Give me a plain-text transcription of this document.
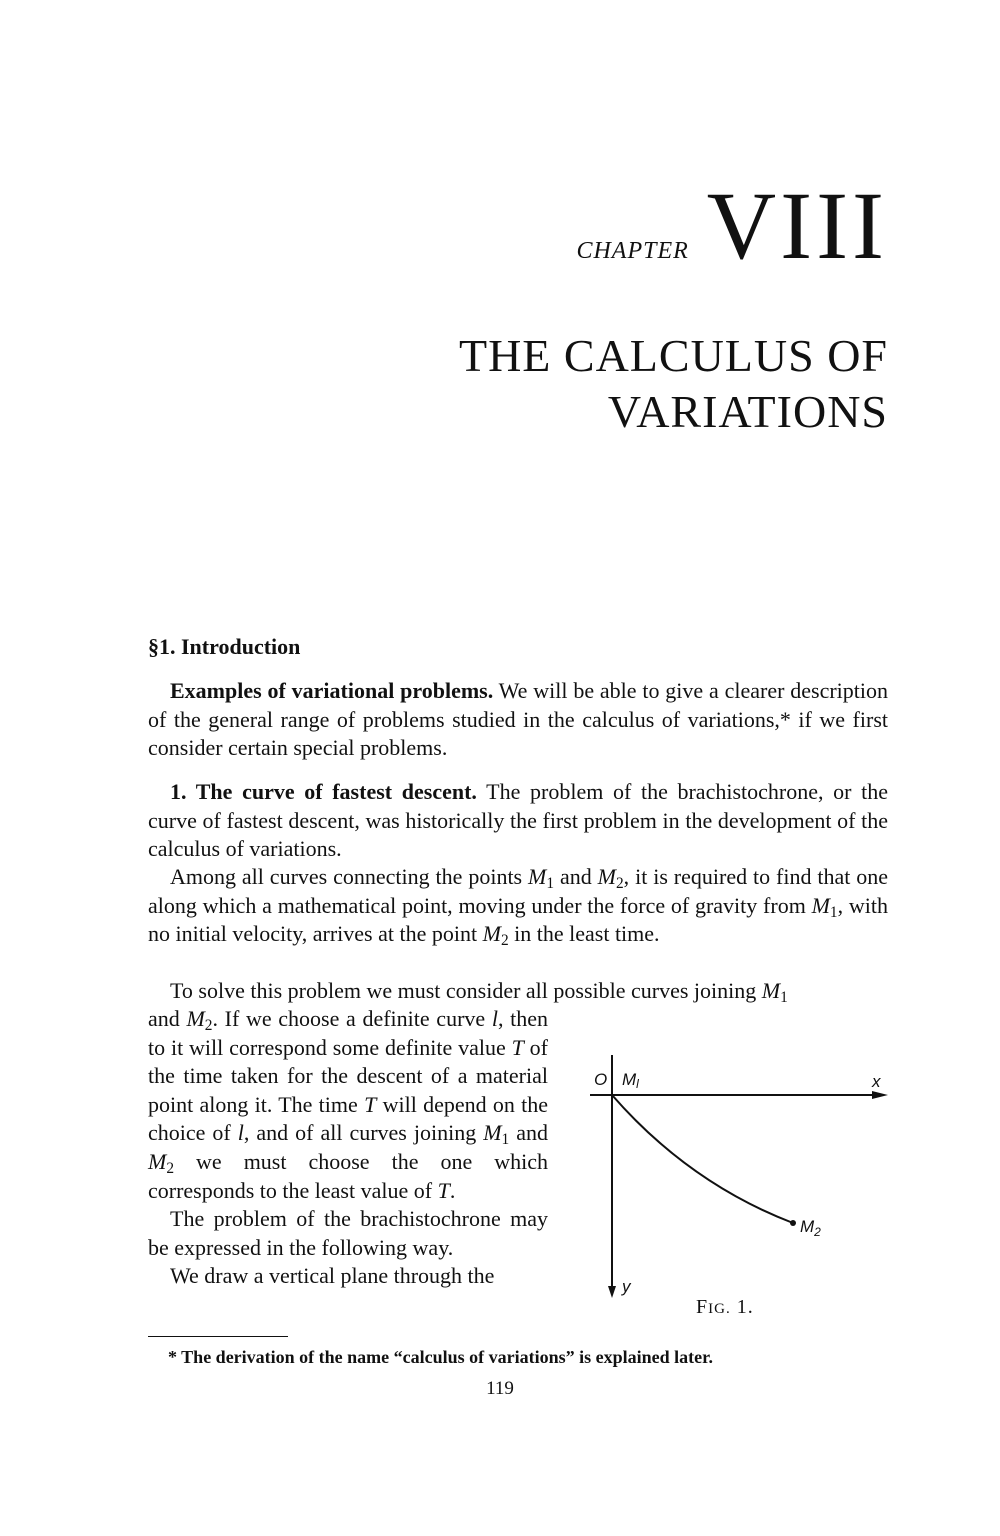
CHAPTER VIII
THE CALCULUS OF
VARIATIONS
§1. Introduction
Examples of variational problems. We will be able to give a clearer description of the general range of problems studied in the calculus of variations,* if we first consider certain special problems.
1. The curve of fastest descent. The problem of the brachistochrone, or the curve of fastest descent, was historically the first problem in the development of the calculus of variations.
Among all curves connecting the points $M_1$ and $M_2$, it is required to find that one along which a mathematical point, moving under the force of gravity from $M_1$, with no initial velocity, arrives at the point $M_2$ in the least time.
To solve this problem we must consider all possible curves joining $M_1$

and $M_2$. If we choose a definite curve l, then to it will correspond some definite value T of the time taken for the descent of a material point along it. The time T will depend on the choice of l, and of all curves joining $M_1$ and $M_2$ we must choose the one which corresponds to the least value of T.

The problem of the brachistochrone may be expressed in the following way.

We draw a vertical plane through the

O Ml	x
y
$M_2$
FIG. 1.
* The derivation of the name “calculus of variations” is explained later.
119
